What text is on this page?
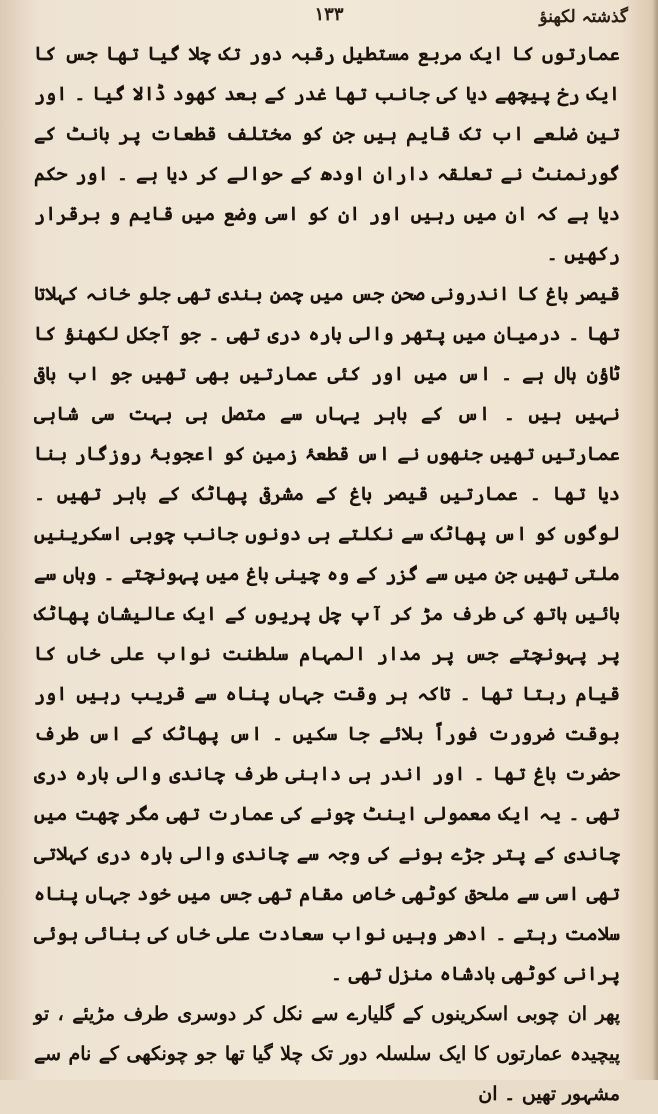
گذشتہ لکھنؤ
۱۳۳

عمارتوں کا ایک مربع مستطیل رقبہ دور تک چلا گیا تھا جس کا ایک رخ پیچھے دیا کی جانب تھا غدر کے بعد کھود ڈالا گیا ۔ اور تین ضلعے اب تک قایم ہیں جن کو مختلف قطعات پر بانٹ کے گورنمنٹ نے تعلقہ داران اودھ کے حوالے کر دیا ہے ۔ اور حکم دیا ہے کہ ان میں رہیں اور ان کو اسی وضع میں قایم و برقرار رکھیں ۔

قیصر باغ کا اندرونی صحن جس میں چمن بندی تھی جلو خانہ کہلاتا تھا ۔ درمیان میں پتھر والی بارہ دری تھی ۔ جو آجکل لکھنؤ کا ٹاؤن ہال ہے ۔ اس میں اور کئی عمارتیں بھی تھیں جو اب باقی نہیں ہیں ۔ اس کے باہر یہاں سے متصل ہی بہت سی شاہی عمارتیں تھیں جنھوں نے اس قطعۂ زمین کو اعجوبۂ روزگار بنا دیا تھا ۔ عمارتیں قیصر باغ کے مشرقی پھاٹک کے باہر تھیں ۔ لوگوں کو اس پھاٹک سے نکلتے ہی دونوں جانب چوبی اسکرینیں ملتی تھیں جن میں سے گزر کے وہ چینی باغ میں پہونچتے ۔ وہاں سے بائیں ہاتھ کی طرف مڑ کر آپ چل پریوں کے ایک عالیشان پھاٹک پر پہونچتے جس پر مدار المہام سلطنت نواب علی خاں کا قیام رہتا تھا ۔ تاکہ ہر وقت جہاں پناہ سے قریب رہیں اور بوقت ضرورت فوراً بلائے جا سکیں ۔ اس پھاٹک کے اس طرف حضرت باغ تھا ۔ اور اندر ہی داہنی طرف چاندی والی بارہ دری تھی ۔ یہ ایک معمولی اینٹ چونے کی عمارت تھی مگر چھت میں چاندی کے پتر جڑے ہونے کی وجہ سے چاندی والی بارہ دری کہلاتی تھی اسی سے ملحق کوٹھی خاص مقام تھی جس میں خود جہاں پناہ سلامت رہتے ۔ ادھر وہیں نواب سعادت علی خاں کی بنائی ہوئی پرانی کوٹھی بادشاہ منزل تھی ۔

پھر ان چوبی اسکرینوں کے گلیارے سے نکل کر دوسری طرف مڑیئے ، تو پیچیدہ عمارتوں کا ایک سلسلہ دور تک چلا گیا تھا جو چونکھی کے نام سے مشہور تھیں ۔ ان
